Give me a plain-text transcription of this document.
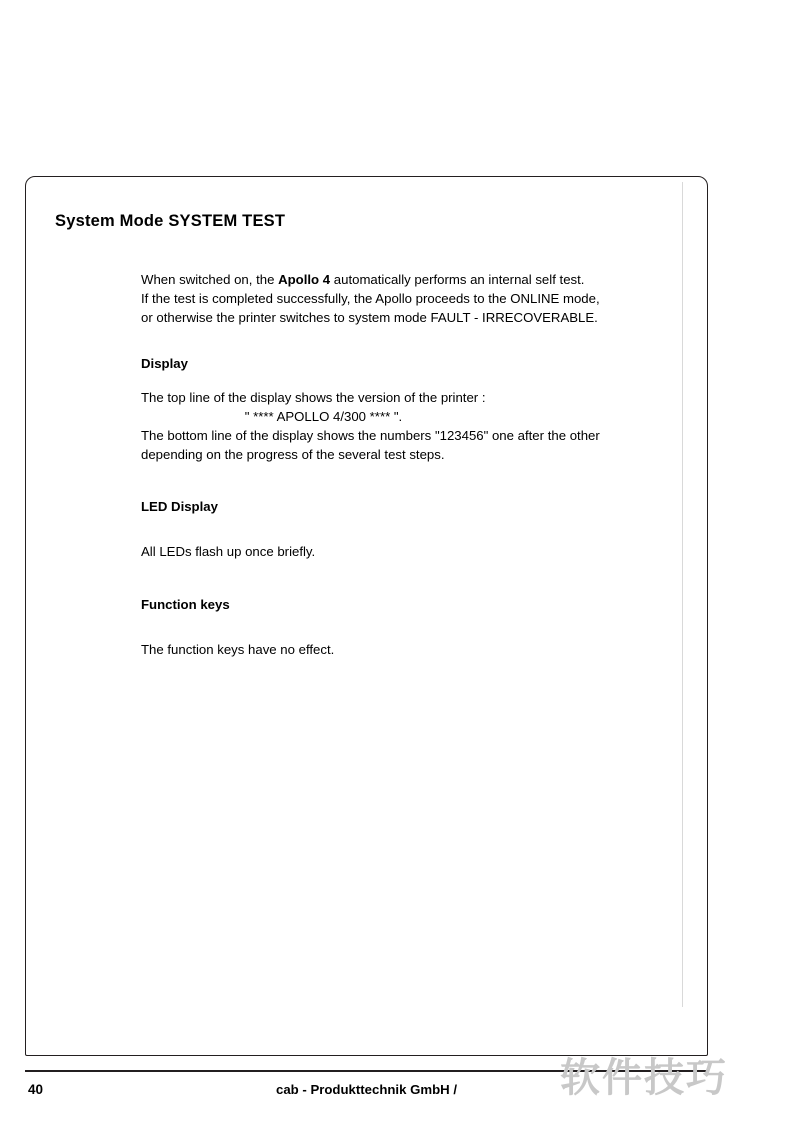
System Mode SYSTEM TEST

When switched on, the Apollo 4 automatically performs an internal self test.
If the test is completed successfully, the Apollo proceeds to the ONLINE mode,
or otherwise the printer switches to system mode FAULT - IRRECOVERABLE.

Display

The top line of the display shows the version of the printer :

" **** APOLLO 4/300 **** ".

The bottom line of the display shows the numbers "123456" one after the other
depending on the progress of the several test steps.

LED Display

All LEDs flash up once briefly.

Function keys

The function keys have no effect.

40	cab - Produkttechnik GmbH /	软件技巧
